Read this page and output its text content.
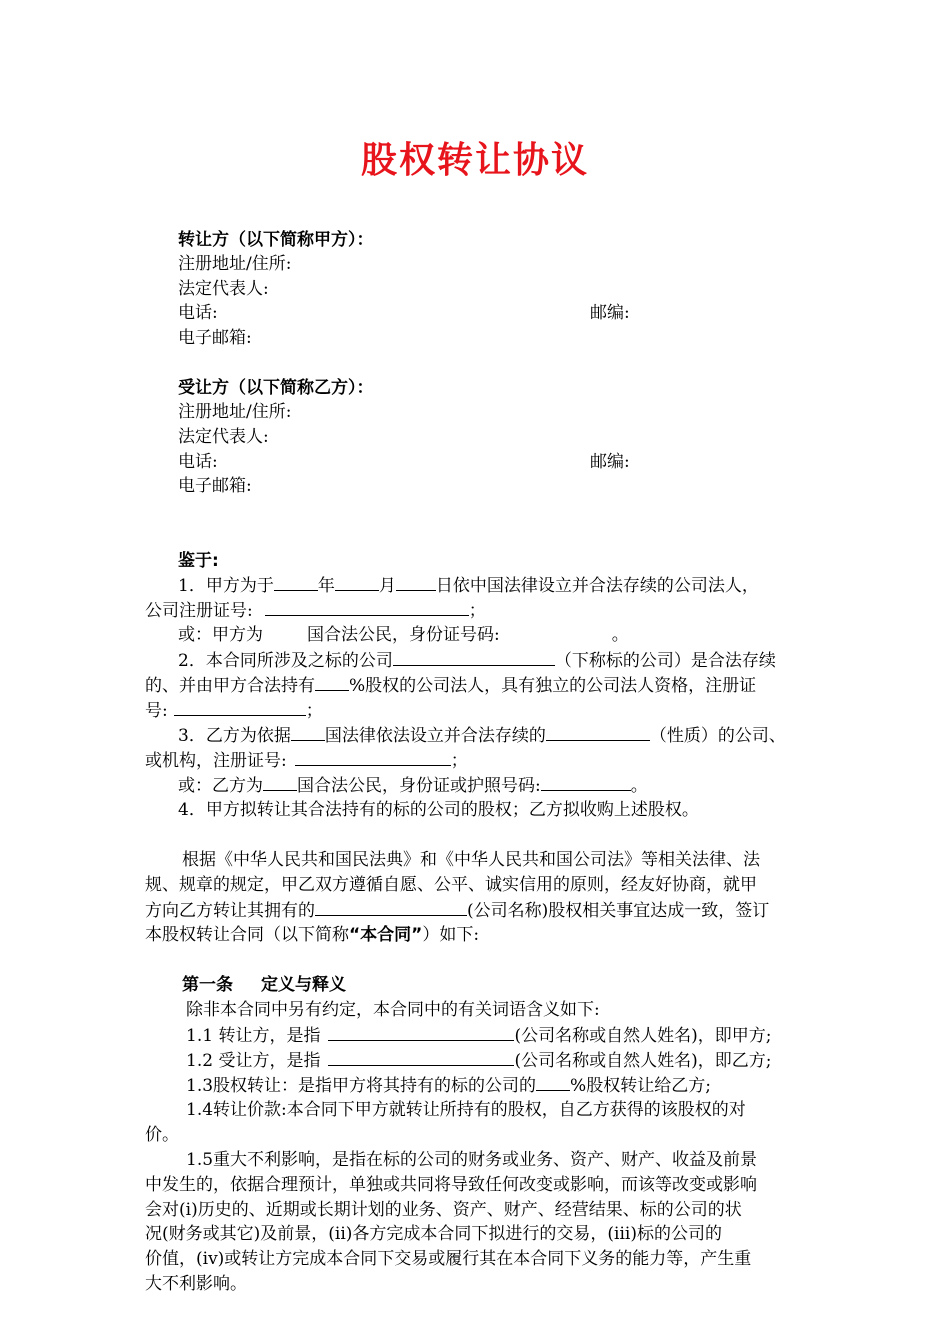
股权转让协议
转让方（以下简称甲方）：
注册地址/住所:
法定代表人:
电话:	邮编:
电子邮箱:
受让方（以下简称乙方）：
注册地址/住所:
法定代表人:
电话:	邮编:
电子邮箱:
鉴于:
1．甲方为于	年	月 日依中国法律设立并合法存续的公司法人，
公司注册证号:	；
或：甲方为	国合法公民，身份证号码:	。
2．本合同所涉及之标的公司	（下称标的公司）是合法存续
的、并由甲方合法持有 %股权的公司法人，具有独立的公司法人资格，注册证
号:	；
3．乙方为依据 国法律依法设立并合法存续的	（性质）的公司、
或机构，注册证号:	；
或：乙方为 国合法公民，身份证或护照号码:	。
4．甲方拟转让其合法持有的标的公司的股权；乙方拟收购上述股权。
根据《中华人民共和国民法典》和《中华人民共和国公司法》等相关法律、法
规、规章的规定，甲乙双方遵循自愿、公平、诚实信用的原则，经友好协商，就甲
方向乙方转让其拥有的	(公司名称)股权相关事宜达成一致，签订
本股权转让合同（以下简称“本合同”）如下:
第一条 定义与释义
除非本合同中另有约定，本合同中的有关词语含义如下:
1.1 转让方，是指	(公司名称或自然人姓名)，即甲方;
1.2 受让方，是指	(公司名称或自然人姓名)，即乙方;
1.3股权转让：是指甲方将其持有的标的公司的 %股权转让给乙方;
1.4转让价款:本合同下甲方就转让所持有的股权，自乙方获得的该股权的对
价。
1.5重大不利影响，是指在标的公司的财务或业务、资产、财产、收益及前景
中发生的，依据合理预计，单独或共同将导致任何改变或影响，而该等改变或影响
会对(i)历史的、近期或长期计划的业务、资产、财产、经营结果、标的公司的状
况(财务或其它)及前景，(ii)各方完成本合同下拟进行的交易，(iii)标的公司的
价值，(iv)或转让方完成本合同下交易或履行其在本合同下义务的能力等，产生重
大不利影响。
